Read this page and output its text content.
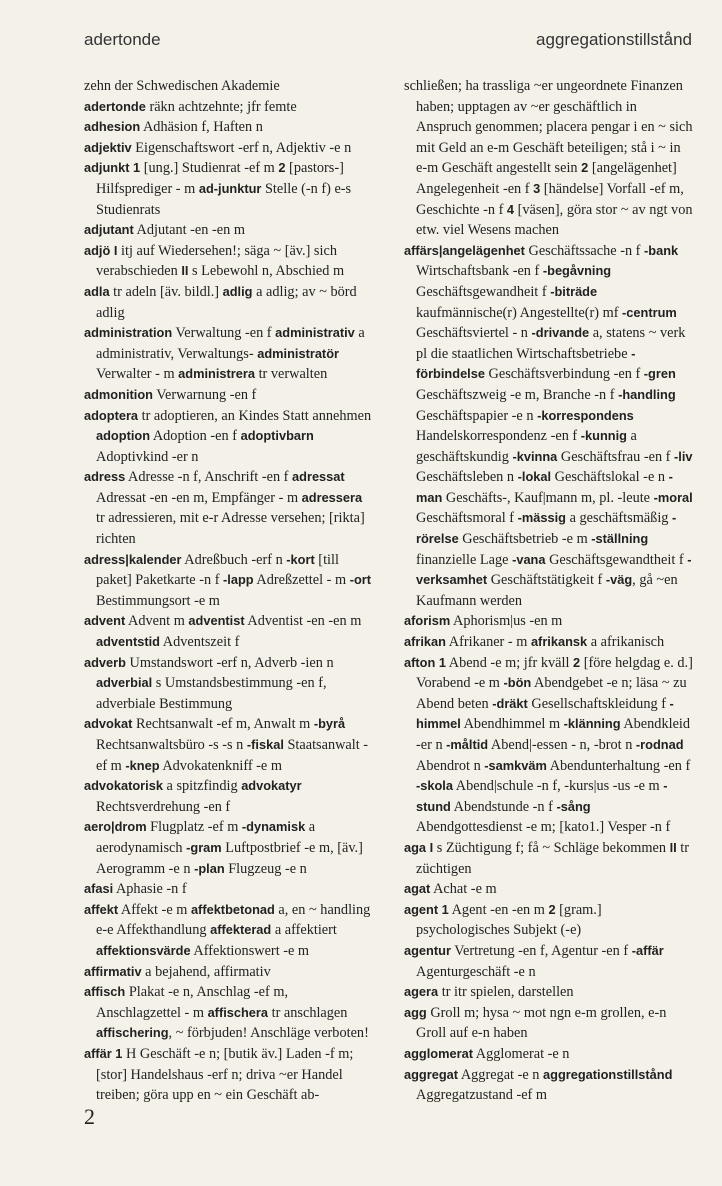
adertonde	aggregationstillstånd

zehn der Schwedischen Akademie

adertonde räkn achtzehnte; jfr femte

adhesion Adhäsion f, Haften n

adjektiv Eigenschaftswort -erf n, Adjektiv -e n

adjunkt 1 [ung.] Studienrat -ef m 2 [pastors-] Hilfsprediger - m ad-junktur Stelle (-n f) e-s Studienrats

adjutant Adjutant -en -en m

adjö I itj auf Wiedersehen!; säga ~ [äv.] sich verabschieden II s Lebewohl n, Abschied m

adla tr adeln [äv. bildl.] adlig a adlig; av ~ börd adlig

administration Verwaltung -en f administrativ a administrativ, Verwaltungs- administratör Verwalter - m administrera tr verwalten

admonition Verwarnung -en f

adoptera tr adoptieren, an Kindes Statt annehmen adoption Adoption -en f adoptivbarn Adoptivkind -er n

adress Adresse -n f, Anschrift -en f adressat Adressat -en -en m, Empfänger - m adressera tr adressieren, mit e-r Adresse versehen; [rikta] richten

adress|kalender Adreßbuch -erf n -kort [till paket] Paketkarte -n f -lapp Adreßzettel - m -ort Bestimmungsort -e m

advent Advent m adventist Adventist -en -en m adventstid Adventszeit f

adverb Umstandswort -erf n, Adverb -ien n adverbial s Umstandsbestimmung -en f, adverbiale Bestimmung

advokat Rechtsanwalt -ef m, Anwalt m -byrå Rechtsanwaltsbüro -s -s n -fiskal Staatsanwalt -ef m -knep Advokatenkniff -e m

advokatorisk a spitzfindig advokatyr Rechtsverdrehung -en f

aero|drom Flugplatz -ef m -dynamisk a aerodynamisch -gram Luftpostbrief -e m, [äv.] Aerogramm -e n -plan Flugzeug -e n

afasi Aphasie -n f

affekt Affekt -e m affektbetonad a, en ~ handling e-e Affekthandlung affekterad a affektiert affektionsvärde Affektionswert -e m

affirmativ a bejahend, affirmativ

affisch Plakat -e n, Anschlag -ef m, Anschlagzettel - m affischera tr anschlagen affischering, ~ förbjuden! Anschläge verboten!

affär 1 H Geschäft -e n; [butik äv.] Laden -f m; [stor] Handelshaus -erf n; driva ~er Handel treiben; göra upp en ~ ein Geschäft ab-

schließen; ha trassliga ~er ungeordnete Finanzen haben; upptagen av ~er geschäftlich in Anspruch genommen; placera pengar i en ~ sich mit Geld an e-m Geschäft beteiligen; stå i ~ in e-m Geschäft angestellt sein 2 [angelägenhet] Angelegenheit -en f 3 [händelse] Vorfall -ef m, Geschichte -n f 4 [väsen], göra stor ~ av ngt von etw. viel Wesens machen

affärs|angelägenhet Geschäftssache -n f -bank Wirtschaftsbank -en f -begåvning Geschäftsgewandheit f -biträde kaufmännische(r) Angestellte(r) mf -centrum Geschäftsviertel - n -drivande a, statens ~ verk pl die staatlichen Wirtschaftsbetriebe -förbindelse Geschäftsverbindung -en f -gren Geschäftszweig -e m, Branche -n f -handling Geschäftspapier -e n -korrespondens Handelskorrespondenz -en f -kunnig a geschäftskundig -kvinna Geschäftsfrau -en f -liv Geschäftsleben n -lokal Geschäftslokal -e n -man Geschäfts-, Kauf|mann m, pl. -leute -moral Geschäftsmoral f -mässig a geschäftsmäßig -rörelse Geschäftsbetrieb -e m -ställning finanzielle Lage -vana Geschäftsgewandtheit f -verksamhet Geschäftstätigkeit f -väg, gå ~en Kaufmann werden

aforism Aphorism|us -en m

afrikan Afrikaner - m afrikansk a afrikanisch

afton 1 Abend -e m; jfr kväll 2 [före helgdag e. d.] Vorabend -e m -bön Abendgebet -e n; läsa ~ zu Abend beten -dräkt Gesellschaftskleidung f -himmel Abendhimmel m -klänning Abendkleid -er n -måltid Abend|-essen - n, -brot n -rodnad Abendrot n -samkväm Abendunterhaltung -en f -skola Abend|schule -n f, -kurs|us -us -e m -stund Abendstunde -n f -sång Abendgottesdienst -e m; [kato1.] Vesper -n f

aga I s Züchtigung f; få ~ Schläge bekommen II tr züchtigen

agat Achat -e m

agent 1 Agent -en -en m 2 [gram.] psychologisches Subjekt (-e)

agentur Vertretung -en f, Agentur -en f -affär Agenturgeschäft -e n

agera tr itr spielen, darstellen

agg Groll m; hysa ~ mot ngn e-m grollen, e-n Groll auf e-n haben

agglomerat Agglomerat -e n

aggregat Aggregat -e n aggregationstillstånd Aggregatzustand -ef m

2
